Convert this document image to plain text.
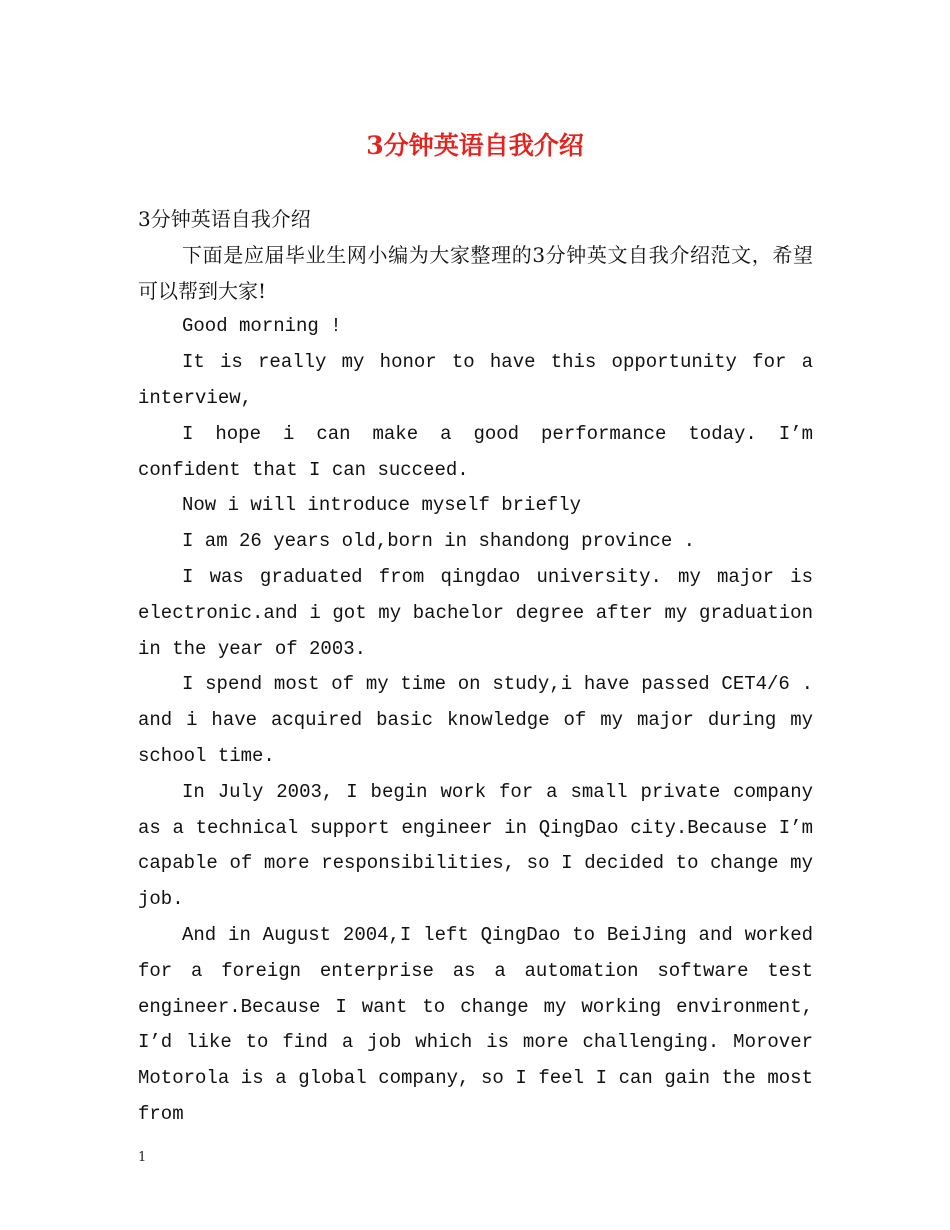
3分钟英语自我介绍

3分钟英语自我介绍

下面是应届毕业生网小编为大家整理的3分钟英文自我介绍范文，希望可以帮到大家!

Good morning !

It is really my honor to have this opportunity for a interview,

I hope i can make a good performance today. I’m confident that I can succeed.

Now i will introduce myself briefly

I am 26 years old,born in shandong province .

I was graduated from qingdao university. my major is electronic.and i got my bachelor degree after my graduation in the year of 2003.

I spend most of my time on study,i have passed CET4/6 . and i have acquired basic knowledge of my major during my school time.

In July 2003, I begin work for a small private company as a technical support engineer in QingDao city.Because I’m capable of more responsibilities, so I decided to change my job.

And in August 2004,I left QingDao to BeiJing and worked for a foreign enterprise as a automation software test engineer.Because I want to change my working environment, I’d like to find a job which is more challenging. Morover Motorola is a global company, so I feel I can gain the most from

1
